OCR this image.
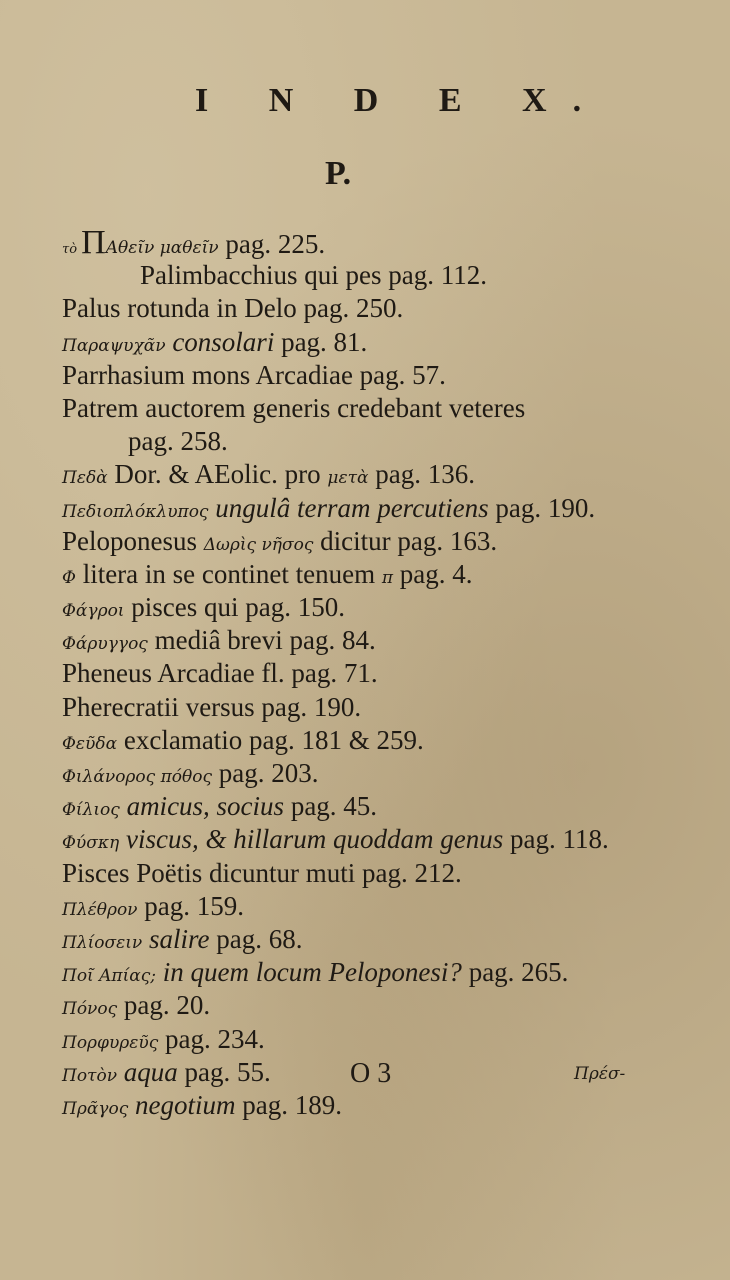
I N D E X.
P.
τὸ ΠΑθεῖν μαθεῖν pag. 225.
Palimbacchius qui pes pag. 112.
Palus rotunda in Delo pag. 250.
Παραψυχᾶν consolari pag. 81.
Parrhasium mons Arcadiae pag. 57.
Patrem auctorem generis credebant veteres
pag. 258.
Πεδὰ Dor. & AEolic. pro μετὰ pag. 136.
Πεδιοπλόκλυπος ungulâ terram percutiens pag. 190.
Peloponesus Δωρὶς νῆσος dicitur pag. 163.
Φ litera in se continet tenuem π pag. 4.
Φάγροι pisces qui pag. 150.
Φάρυγγος mediâ brevi pag. 84.
Pheneus Arcadiae fl. pag. 71.
Pherecratii versus pag. 190.
Φεῦδα exclamatio pag. 181 & 259.
Φιλάνορος πόθος pag. 203.
Φίλιος amicus, socius pag. 45.
Φύσκη viscus, & hillarum quoddam genus pag. 118.
Pisces Poëtis dicuntur muti pag. 212.
Πλέθρον pag. 159.
Πλίοσειν salire pag. 68.
Ποῖ Απίας; in quem locum Peloponesi? pag. 265.
Πόνος pag. 20.
Πορφυρεῦς pag. 234.
Ποτὸν aqua pag. 55.
Πρᾶγος negotium pag. 189.
O 3	Πρέσ-
